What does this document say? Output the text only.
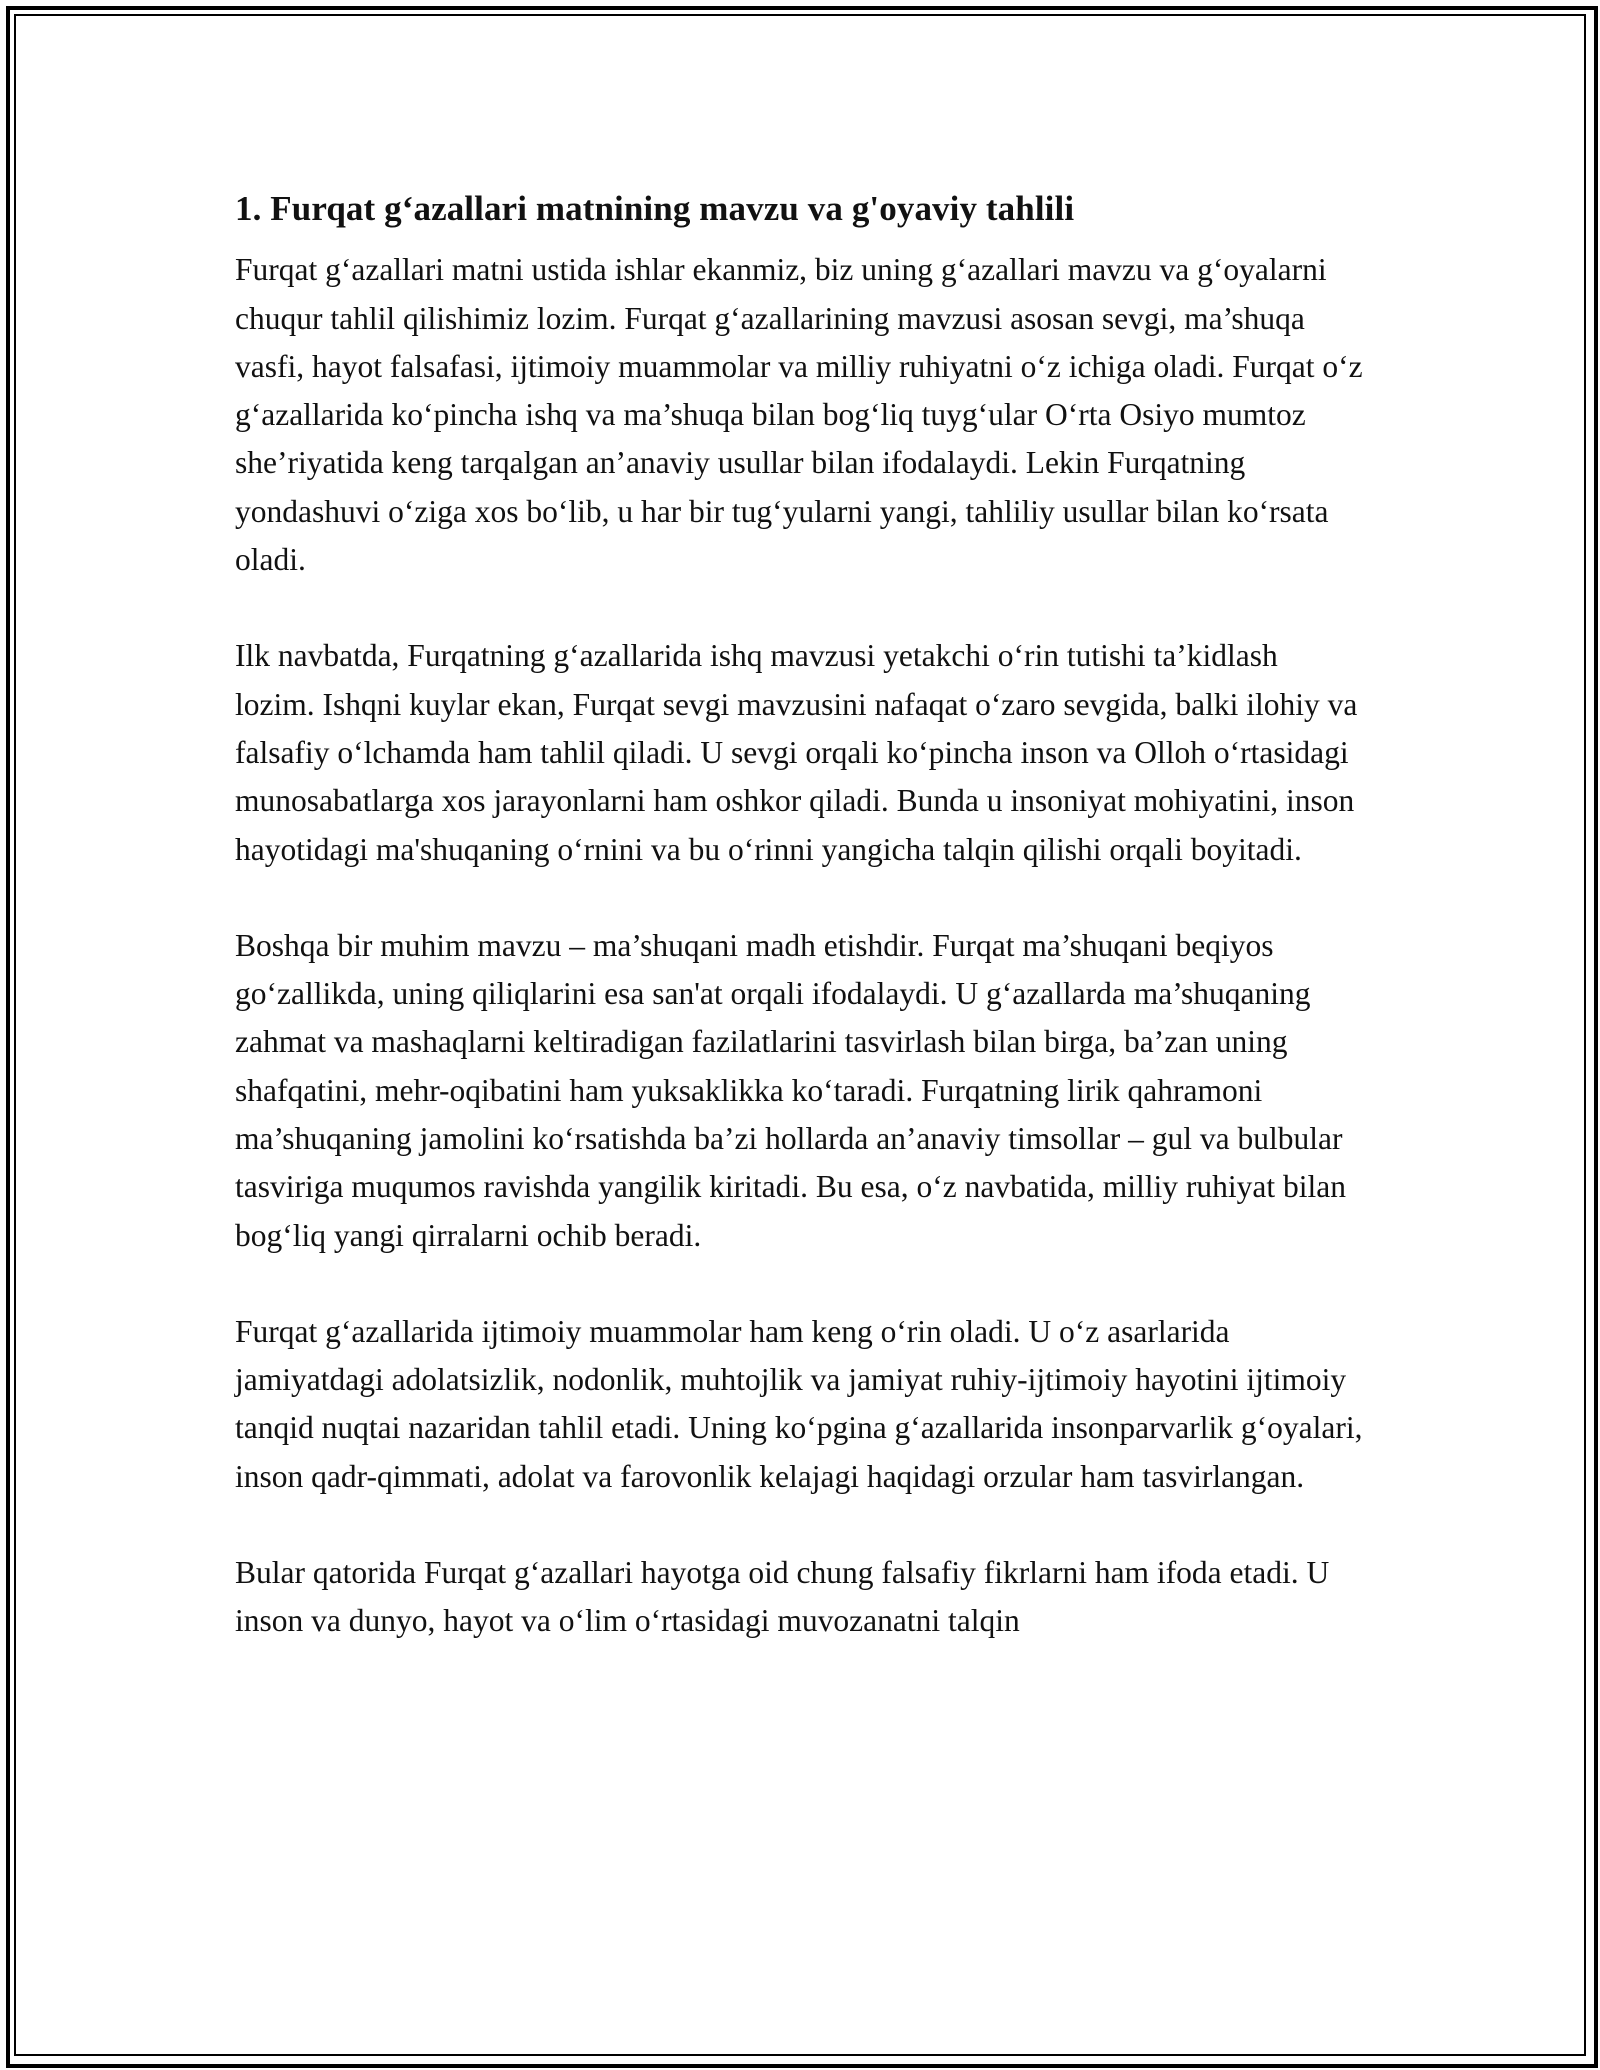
1. Furqat g‘azallari matnining mavzu va g'oyaviy tahlili

Furqat g‘azallari matni ustida ishlar ekanmiz, biz uning g‘azallari mavzu va g‘oyalarni chuqur tahlil qilishimiz lozim. Furqat g‘azallarining mavzusi asosan sevgi, ma’shuqa vasfi, hayot falsafasi, ijtimoiy muammolar va milliy ruhiyatni o‘z ichiga oladi. Furqat o‘z g‘azallarida ko‘pincha ishq va ma’shuqa bilan bog‘liq tuyg‘ular O‘rta Osiyo mumtoz she’riyatida keng tarqalgan an’anaviy usullar bilan ifodalaydi. Lekin Furqatning yondashuvi o‘ziga xos bo‘lib, u har bir tug‘yularni yangi, tahliliy usullar bilan ko‘rsata oladi.

Ilk navbatda, Furqatning g‘azallarida ishq mavzusi yetakchi o‘rin tutishi ta’kidlash lozim. Ishqni kuylar ekan, Furqat sevgi mavzusini nafaqat o‘zaro sevgida, balki ilohiy va falsafiy o‘lchamda ham tahlil qiladi. U sevgi orqali ko‘pincha inson va Olloh o‘rtasidagi munosabatlarga xos jarayonlarni ham oshkor qiladi. Bunda u insoniyat mohiyatini, inson hayotidagi ma'shuqaning o‘rnini va bu o‘rinni yangicha talqin qilishi orqali boyitadi.

Boshqa bir muhim mavzu – ma’shuqani madh etishdir. Furqat ma’shuqani beqiyos go‘zallikda, uning qiliqlarini esa san'at orqali ifodalaydi. U g‘azallarda ma’shuqaning zahmat va mashaqlarni keltiradigan fazilatlarini tasvirlash bilan birga, ba’zan uning shafqatini, mehr-oqibatini ham yuksaklikka ko‘taradi. Furqatning lirik qahramoni ma’shuqaning jamolini ko‘rsatishda ba’zi hollarda an’anaviy timsollar – gul va bulbular tasviriga muqumos ravishda yangilik kiritadi. Bu esa, o‘z navbatida, milliy ruhiyat bilan bog‘liq yangi qirralarni ochib beradi.

Furqat g‘azallarida ijtimoiy muammolar ham keng o‘rin oladi. U o‘z asarlarida jamiyatdagi adolatsizlik, nodonlik, muhtojlik va jamiyat ruhiy-ijtimoiy hayotini ijtimoiy tanqid nuqtai nazaridan tahlil etadi. Uning ko‘pgina g‘azallarida insonparvarlik g‘oyalari, inson qadr-qimmati, adolat va farovonlik kelajagi haqidagi orzular ham tasvirlangan.

Bular qatorida Furqat g‘azallari hayotga oid chung falsafiy fikrlarni ham ifoda etadi. U inson va dunyo, hayot va o‘lim o‘rtasidagi muvozanatni talqin
